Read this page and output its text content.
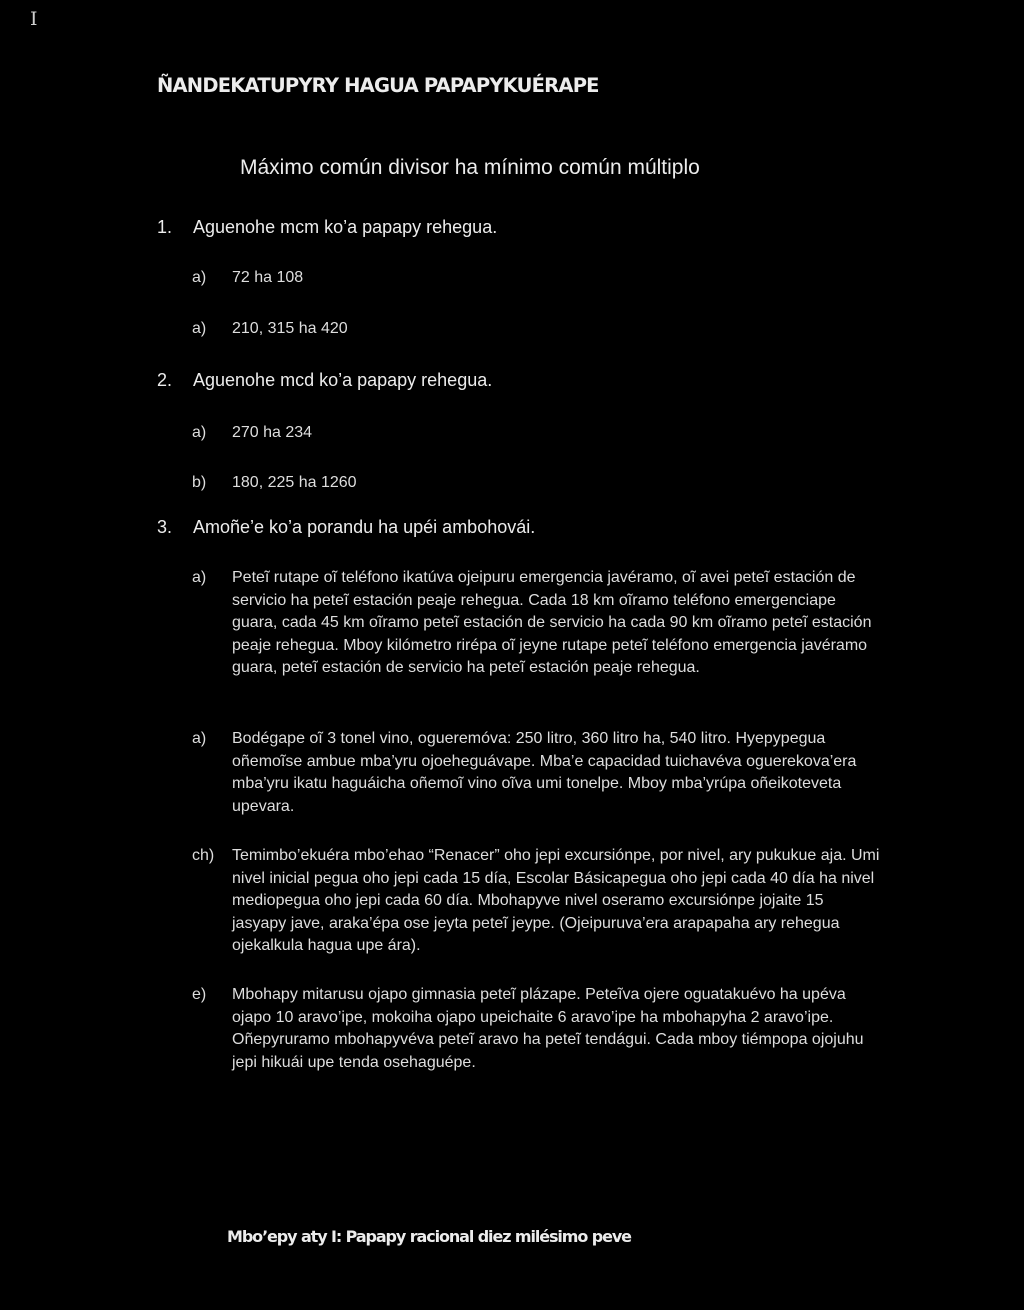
I
ÑANDEKATUPYRY HAGUA PAPAPYKUÉRAPE
Máximo común divisor ha mínimo común múltiplo
1. Aguenohe mcm ko’a papapy rehegua.
a) 72 ha 108
a) 210, 315 ha 420
2. Aguenohe mcd ko’a papapy rehegua.
a) 270 ha 234
b) 180, 225 ha 1260
3. Amoñe’e ko’a porandu ha upéi ambohovái.
a) Peteĩ rutape oĩ teléfono ikatúva ojeipuru emergencia javéramo, oĩ avei peteĩ estación de servicio ha peteĩ estación peaje rehegua. Cada 18 km oĩramo teléfono emergenciape guara, cada 45 km oĩramo peteĩ estación de servicio ha cada 90 km oĩramo peteĩ estación peaje rehegua. Mboy kilómetro rirépa oĩ jeyne rutape peteĩ teléfono emergencia javéramo guara, peteĩ estación de servicio ha peteĩ estación peaje rehegua.
a) Bodégape oĩ 3 tonel vino, ogueremóva: 250 litro, 360 litro ha, 540 litro. Hyepypegua oñemoĩse ambue mba’yru ojoeheguávape. Mba’e capacidad tuichavéva oguerekova’era mba’yru ikatu haguáicha oñemoĩ vino oĩva umi tonelpe. Mboy mba’yrúpa oñeikoteveta upevara.
ch) Temimbo’ekuéra mbo’ehao “Renacer” oho jepi excursiónpe, por nivel, ary pukukue aja. Umi nivel inicial pegua oho jepi cada 15 día, Escolar Básicapegua oho jepi cada 40 día ha nivel mediopegua oho jepi cada 60 día. Mbohapyve nivel oseramo excursiónpe jojaite 15 jasyapy jave, araka’épa ose jeyta peteĩ jeype. (Ojeipuruva’era arapapaha ary rehegua ojekalkula hagua upe ára).
e) Mbohapy mitarusu ojapo gimnasia peteĩ plázape. Peteĩva ojere oguatakuévo ha upéva ojapo 10 aravo’ipe, mokoiha ojapo upeichaite 6 aravo’ipe ha mbohapyha 2 aravo’ipe. Oñepyruramo mbohapyvéva peteĩ aravo ha peteĩ tendágui. Cada mboy tiémpopa ojojuhu jepi hikuái upe tenda osehaguépe.
Mbo’epy aty I: Papapy racional diez milésimo peve
